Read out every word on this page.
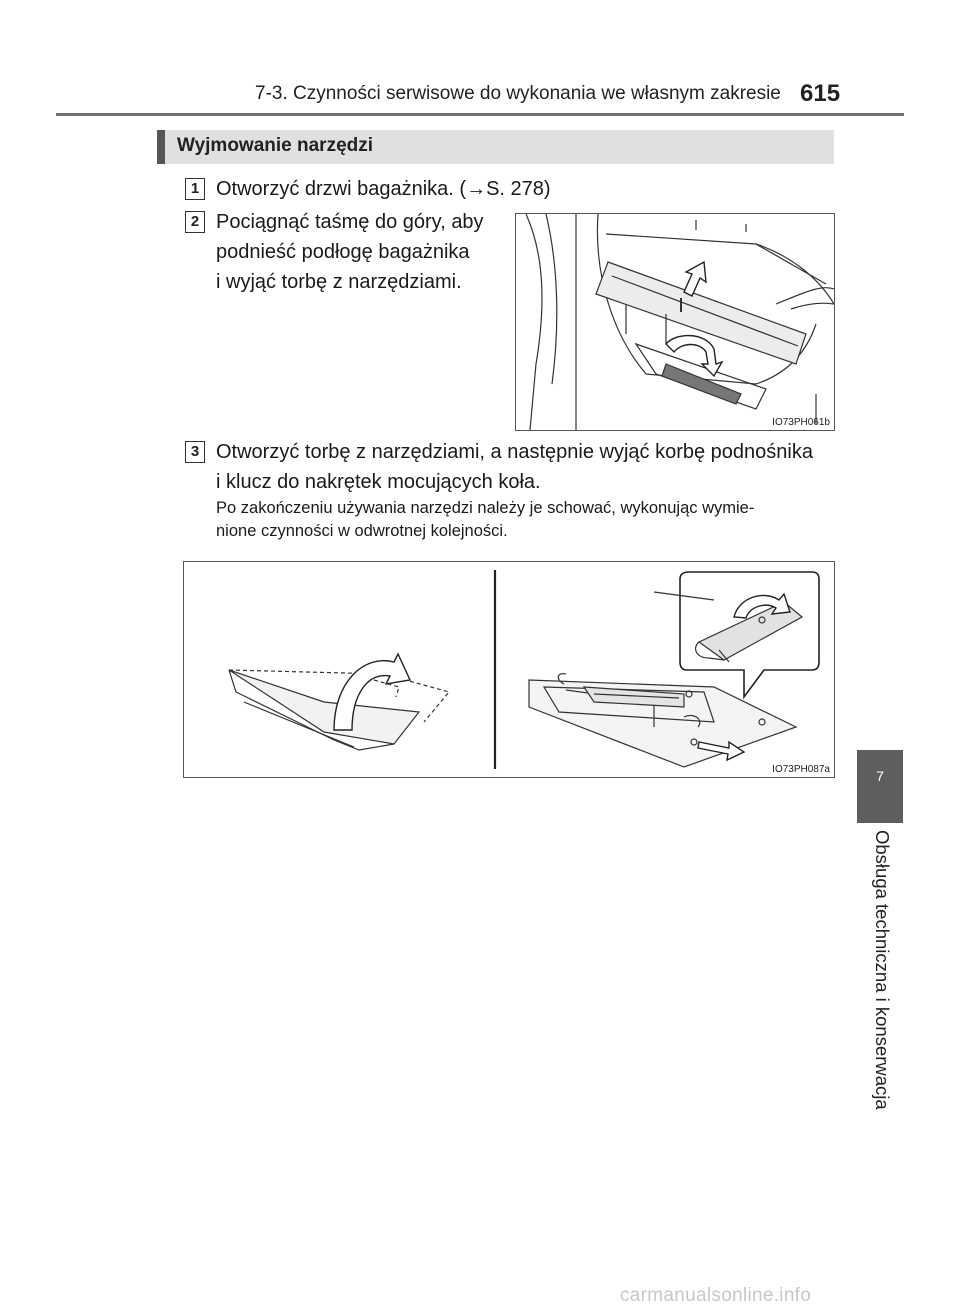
7-3. Czynności serwisowe do wykonania we własnym zakresie 615
Wyjmowanie narzędzi
1 Otworzyć drzwi bagażnika. (→S. 278)
2 Pociągnąć taśmę do góry, aby
podnieść podłogę bagażnika
i wyjąć torbę z narzędziami.
IO73PH061b
3 Otworzyć torbę z narzędziami, a następnie wyjąć korbę podnośnika
i klucz do nakrętek mocujących koła.
Po zakończeniu używania narzędzi należy je schować, wykonując wymie-
nione czynności w odwrotnej kolejności.
IO73PH087a	7
Obsługa techniczna i konserwacja
carmanualsonline.info
